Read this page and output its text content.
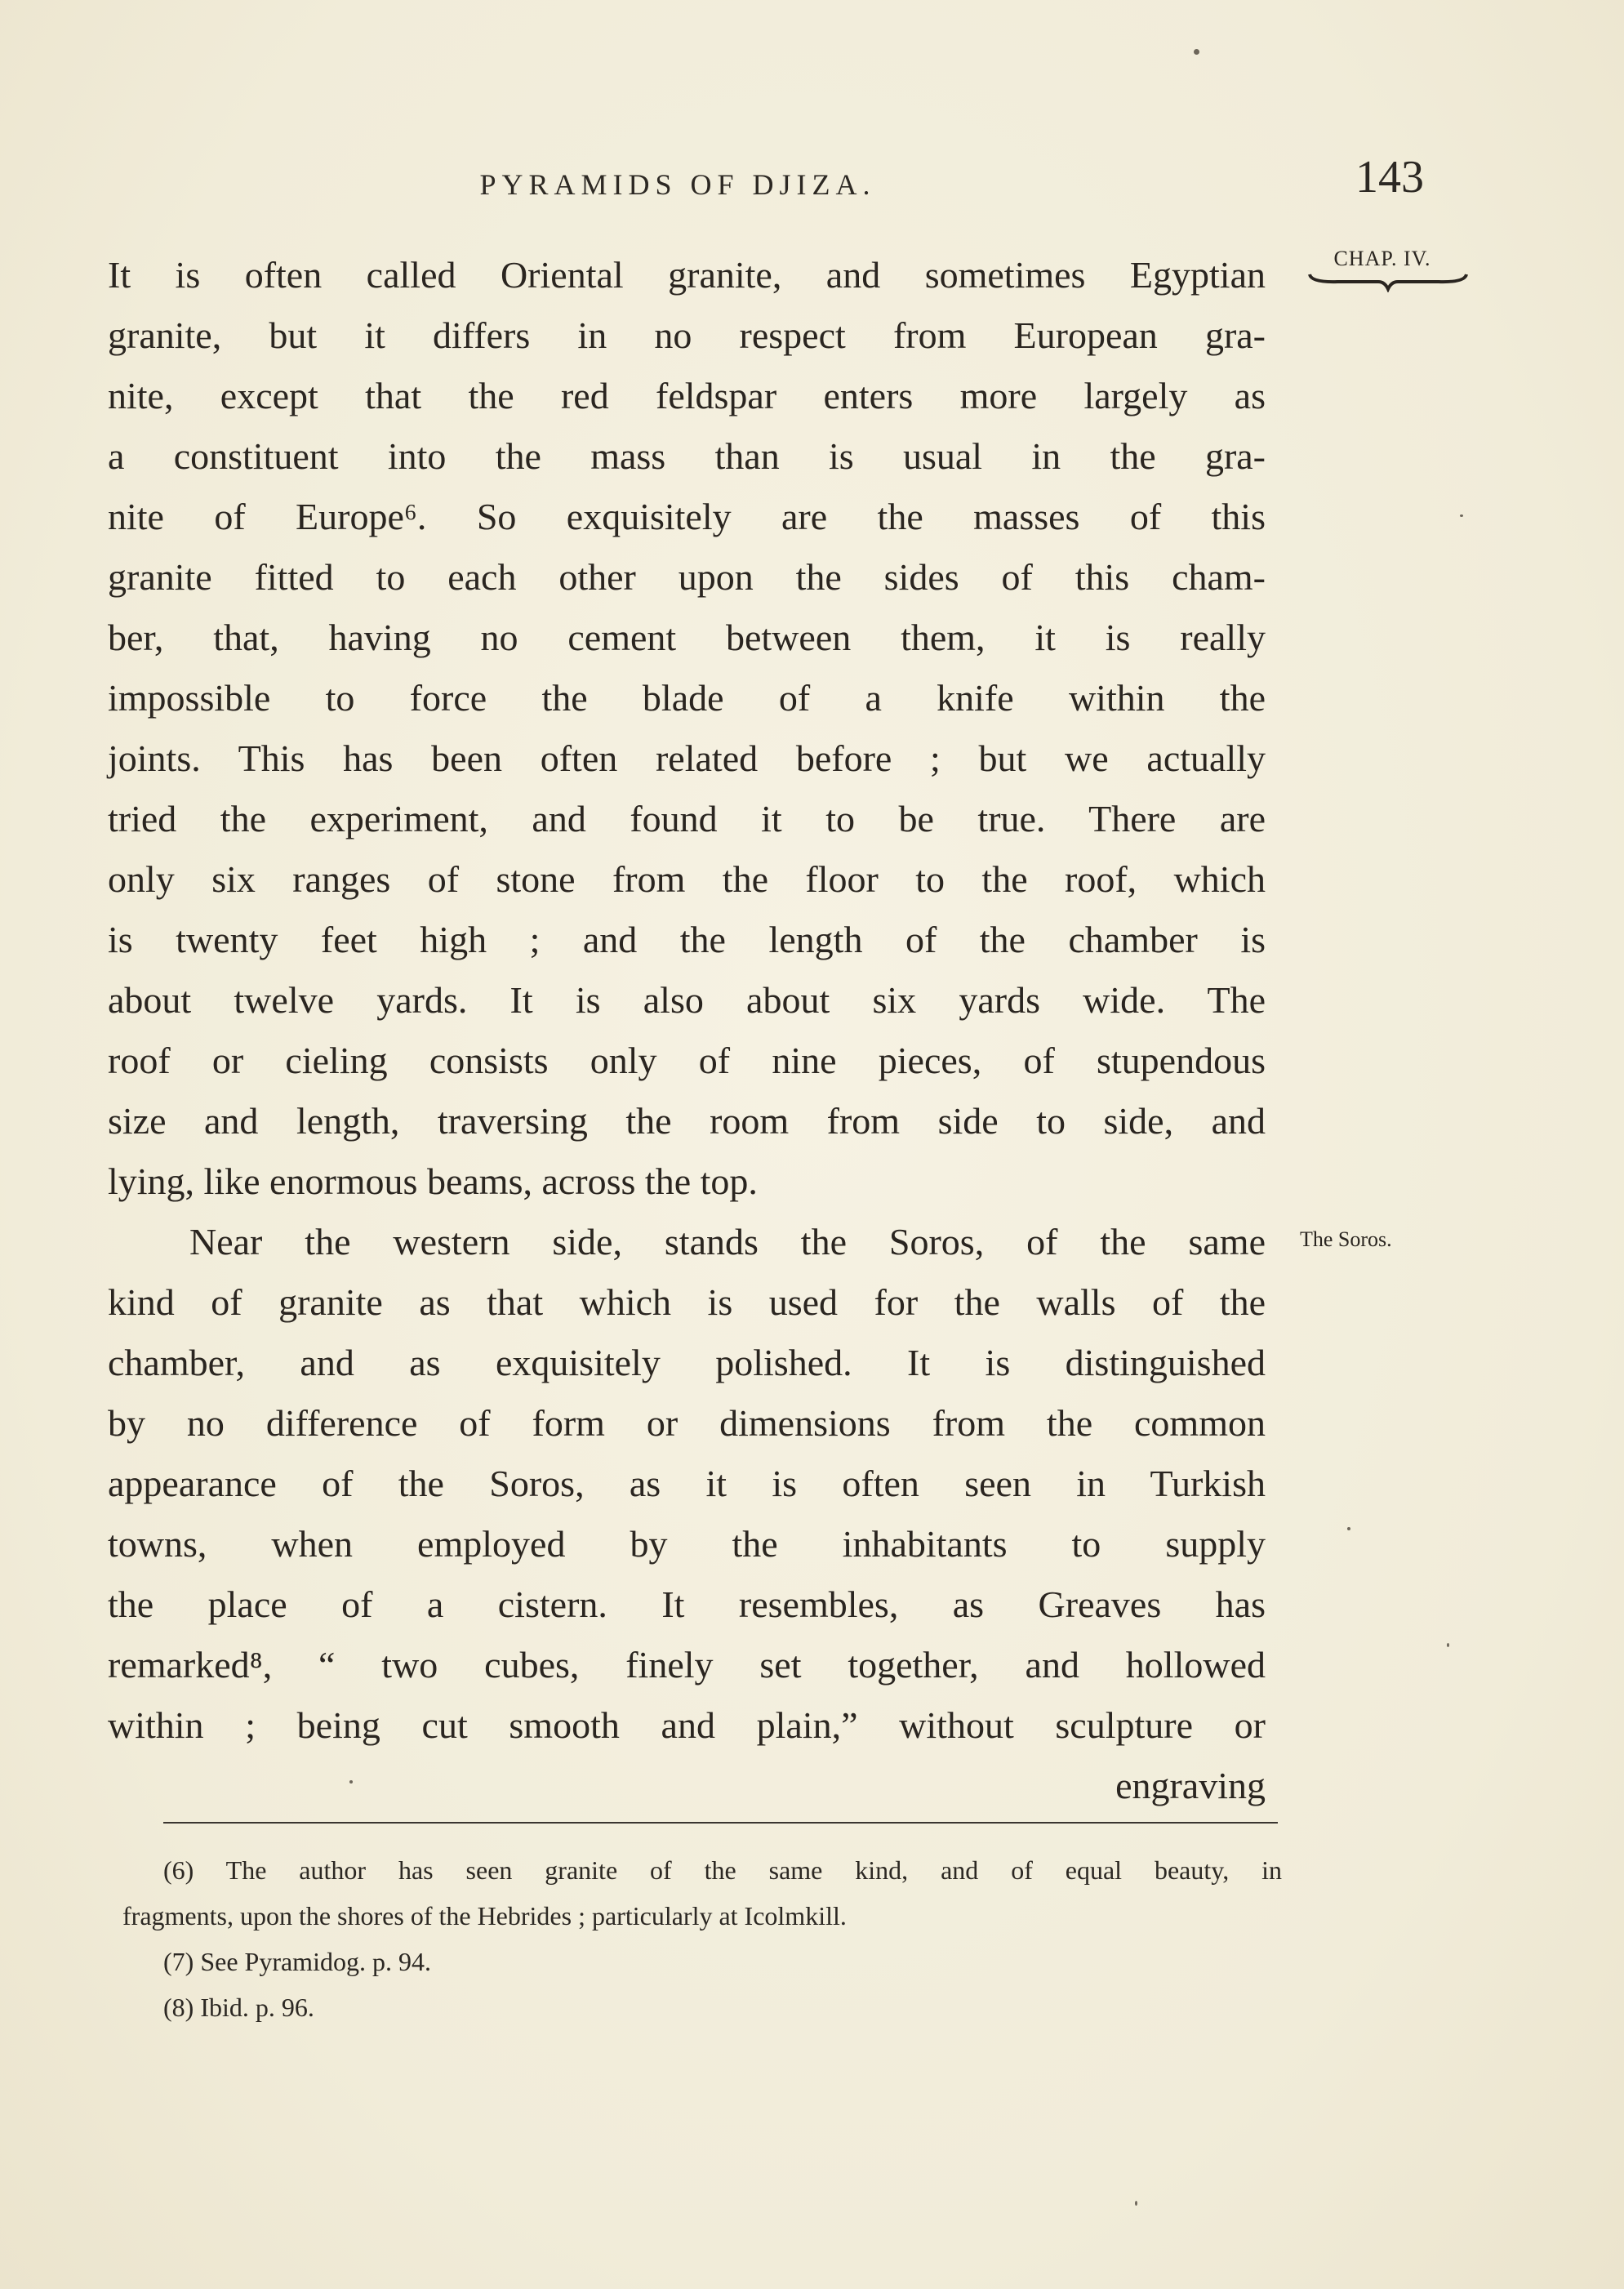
PYRAMIDS OF DJIZA.	143
CHAP. IV.
The Soros.
It is often called Oriental granite, and sometimes Egyptian
granite, but it differs in no respect from European gra-
nite, except that the red feldspar enters more largely as
a constituent into the mass than is usual in the gra-
nite of Europe⁶. So exquisitely are the masses of this
granite fitted to each other upon the sides of this cham-
ber, that, having no cement between them, it is really
impossible to force the blade of a knife within the
joints. This has been often related before ; but we actually
tried the experiment, and found it to be true. There are
only six ranges of stone from the floor to the roof, which
is twenty feet high ; and the length of the chamber is
about twelve yards. It is also about six yards wide. The
roof or cieling consists only of nine pieces, of stupendous
size and length, traversing the room from side to side, and
lying, like enormous beams, across the top.
Near the western side, stands the Soros, of the same
kind of granite as that which is used for the walls of the
chamber, and as exquisitely polished. It is distinguished
by no difference of form or dimensions from the common
appearance of the Soros, as it is often seen in Turkish
towns, when employed by the inhabitants to supply
the place of a cistern. It resembles, as Greaves has
remarked⁸, “ two cubes, finely set together, and hollowed
within ; being cut smooth and plain,” without sculpture or
engraving
(6) The author has seen granite of the same kind, and of equal beauty, in
fragments, upon the shores of the Hebrides ; particularly at Icolmkill.
(7) See Pyramidog. p. 94.
(8) Ibid. p. 96.
